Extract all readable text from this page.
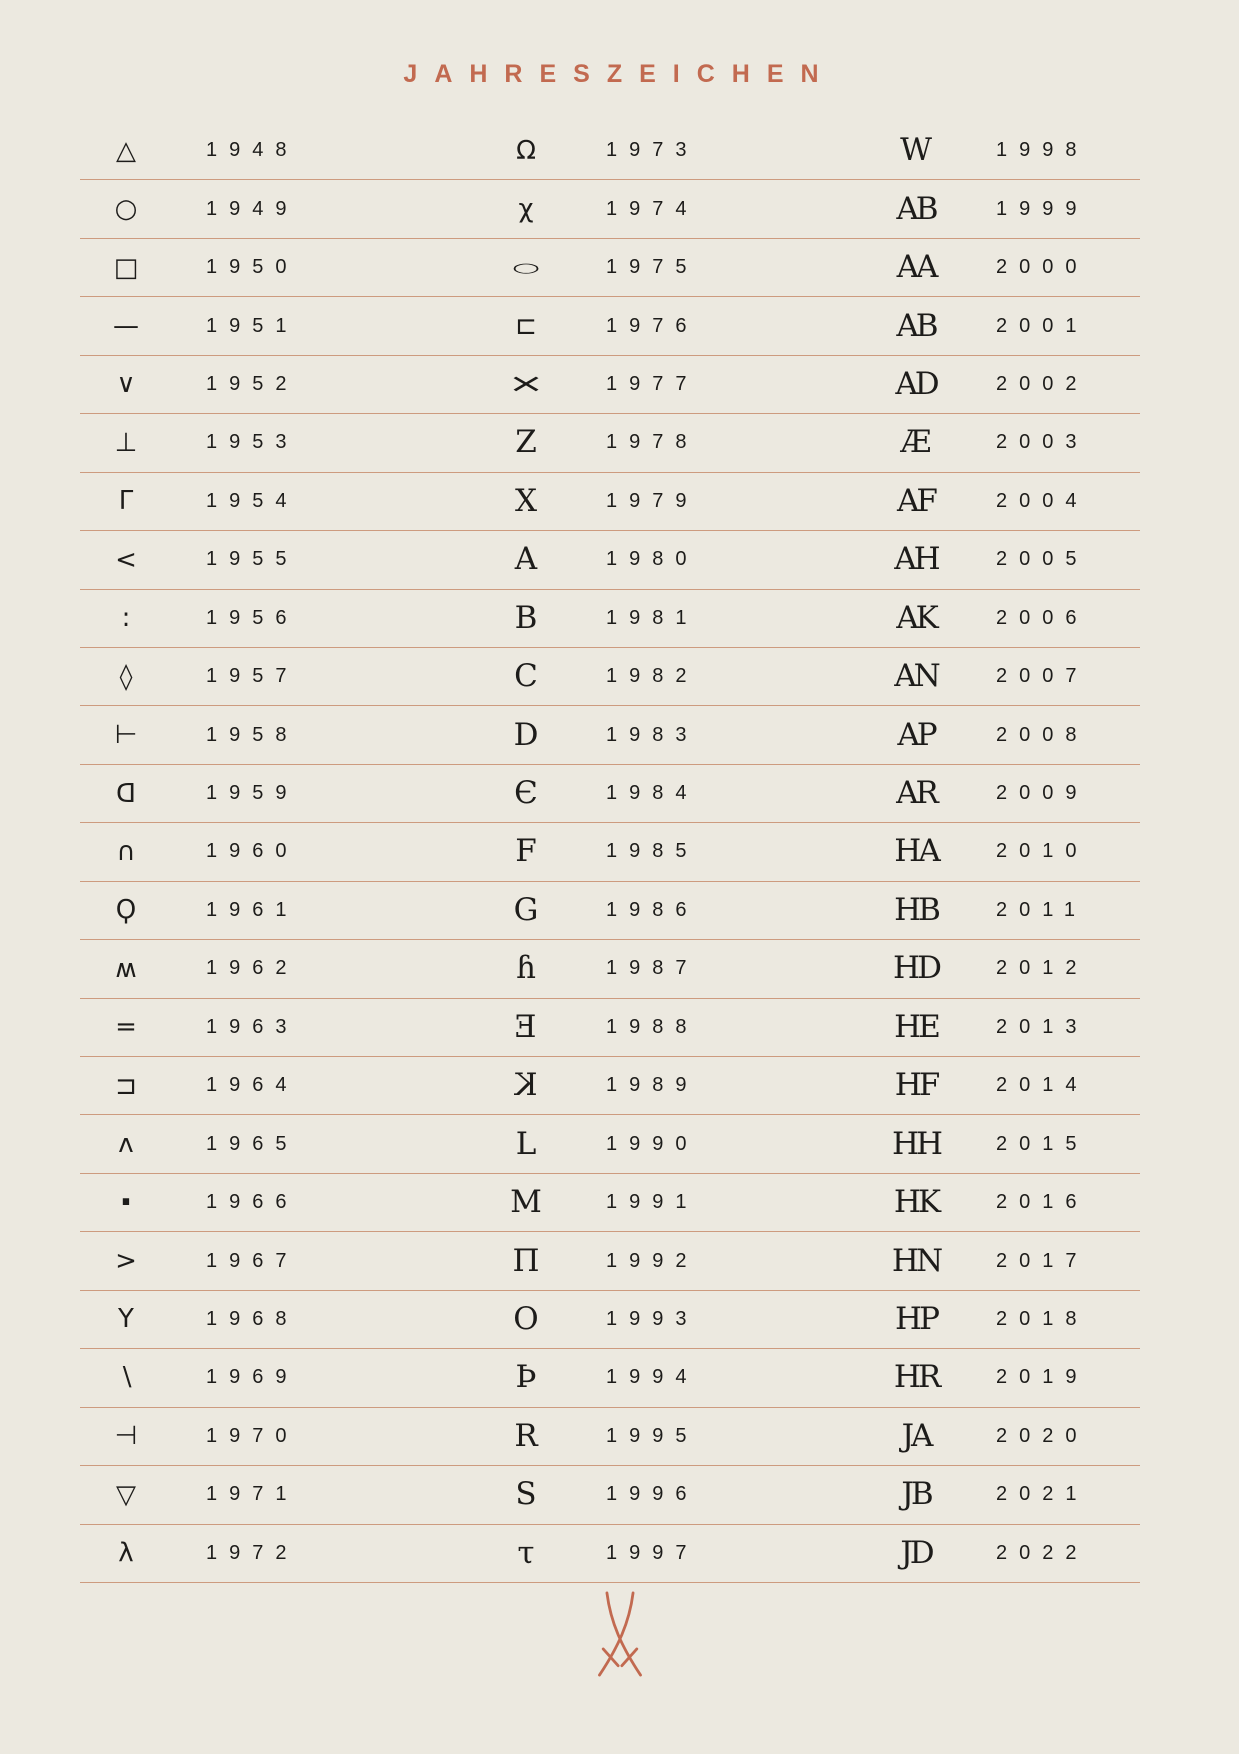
JAHRESZEICHEN
△	1948	Ω	1973	W	1998
○	1949	χ	1974	AB	1999
□	1950	○	1975	AA	2000
—	1951	⊏	1976	AB	2001
∨	1952	×	1977	AD	2002
⊥	1953	Z	1978	Æ	2003
Γ	1954	X	1979	AF	2004
<	1955	A	1980	AH	2005
:	1956	B	1981	AK	2006
◊	1957	C	1982	AN	2007
⊢	1958	D	1983	AP	2008
D	1959	Є	1984	AR	2009
∩	1960	F	1985	HA	2010
Ϙ	1961	G	1986	HB	2011
ʍ	1962	ɦ	1987	HD	2012
=	1963	Ǝ	1988	HE	2013
⊐	1964	K	1989	HF	2014
ʌ	1965	L	1990	HH	2015
·	1966	M	1991	HK	2016
>	1967	Π	1992	HN	2017
Y	1968	O	1993	HP	2018
∖	1969	Þ	1994	HR	2019
⊣	1970	R	1995	JA	2020
▽	1971	S	1996	JB	2021
λ	1972	τ	1997	JD	2022
